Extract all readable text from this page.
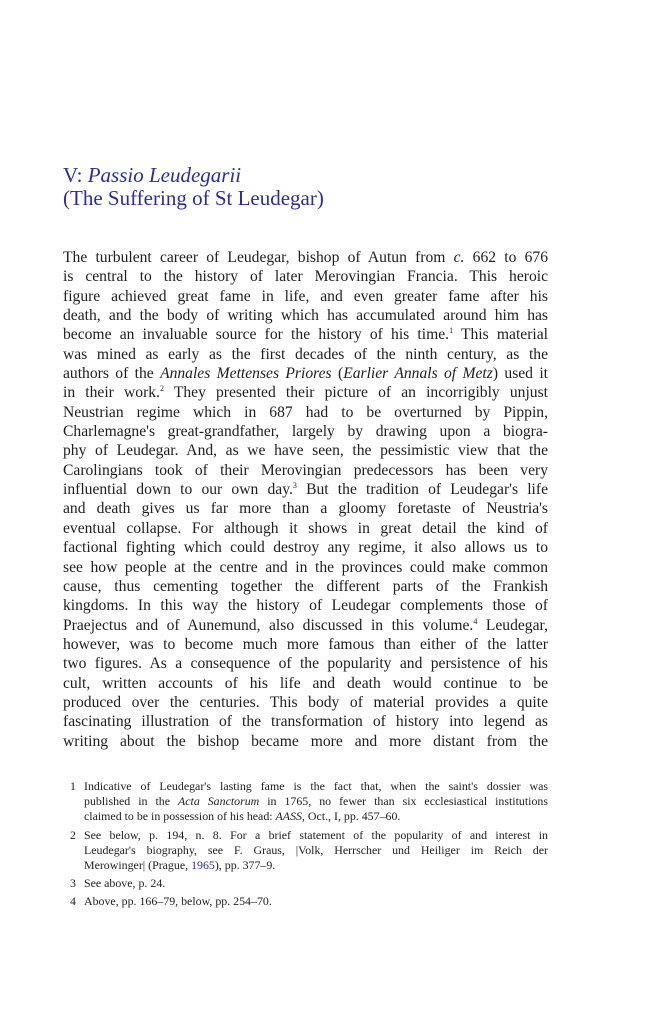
V: Passio Leudegarii
(The Suffering of St Leudegar)
The turbulent career of Leudegar, bishop of Autun from c. 662 to 676
is central to the history of later Merovingian Francia. This heroic
figure achieved great fame in life, and even greater fame after his
death, and the body of writing which has accumulated around him has
become an invaluable source for the history of his time.$^1$ This material
was mined as early as the first decades of the ninth century, as the
authors of the Annales Mettenses Priores (Earlier Annals of Metz) used it
in their work.$^2$ They presented their picture of an incorrigibly unjust
Neustrian regime which in 687 had to be overturned by Pippin,
Charlemagne's great-grandfather, largely by drawing upon a biogra-
phy of Leudegar. And, as we have seen, the pessimistic view that the
Carolingians took of their Merovingian predecessors has been very
influential down to our own day.$^3$ But the tradition of Leudegar's life
and death gives us far more than a gloomy foretaste of Neustria's
eventual collapse. For although it shows in great detail the kind of
factional fighting which could destroy any regime, it also allows us to
see how people at the centre and in the provinces could make common
cause, thus cementing together the different parts of the Frankish
kingdoms. In this way the history of Leudegar complements those of
Praejectus and of Aunemund, also discussed in this volume.$^4$ Leudegar,
however, was to become much more famous than either of the latter
two figures. As a consequence of the popularity and persistence of his
cult, written accounts of his life and death would continue to be
produced over the centuries. This body of material provides a quite
fascinating illustration of the transformation of history into legend as
writing about the bishop became more and more distant from the
1 Indicative of Leudegar's lasting fame is the fact that, when the saint's dossier was
published in the Acta Sanctorum in 1765, no fewer than six ecclesiastical institutions
claimed to be in possession of his head: AASS, Oct., I, pp. 457–60.
2 See below, p. 194, n. 8. For a brief statement of the popularity of and interest in
Leudegar's biography, see F. Graus, |Volk, Herrscher und Heiliger im Reich der
Merowinger| (Prague, 1965), pp. 377–9.
3 See above, p. 24.
4 Above, pp. 166–79, below, pp. 254–70.
